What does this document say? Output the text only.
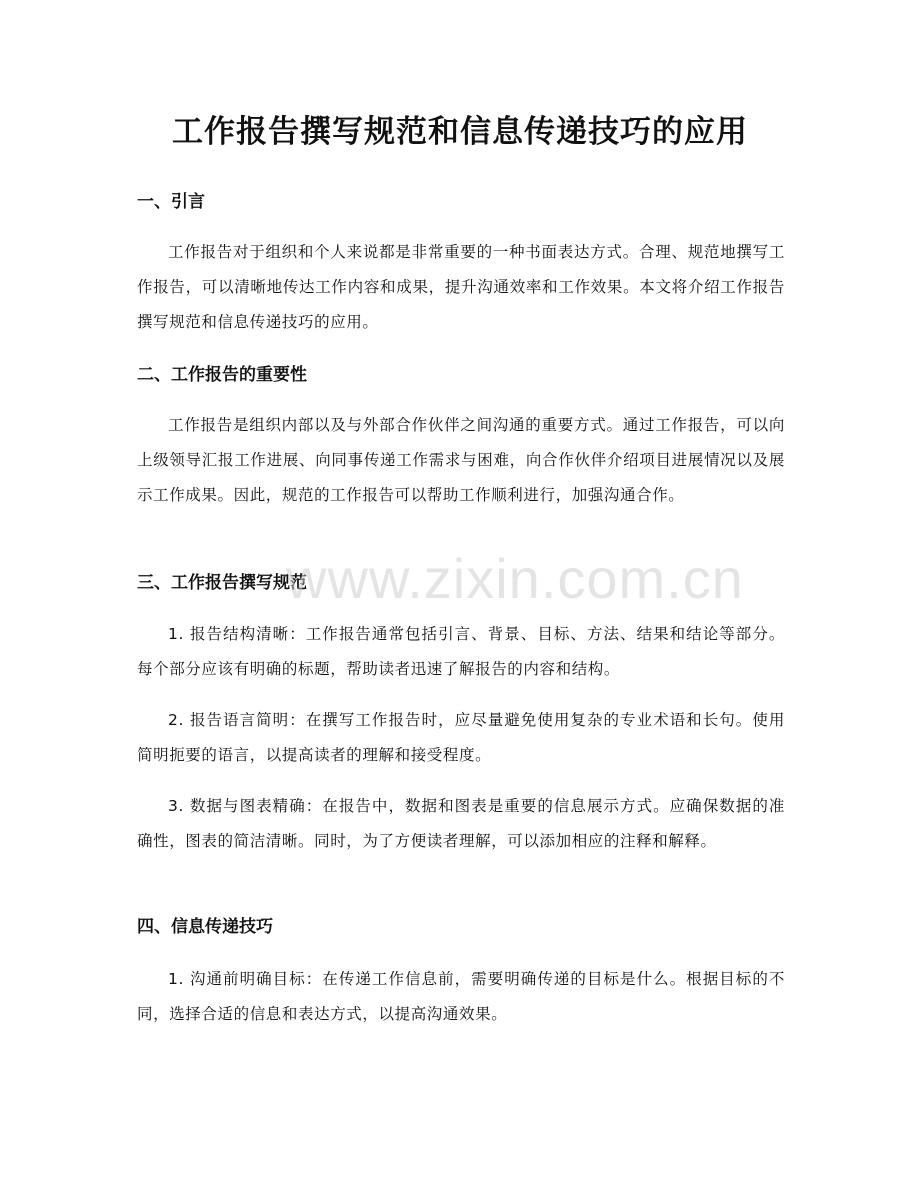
工作报告撰写规范和信息传递技巧的应用
一、引言

工作报告对于组织和个人来说都是非常重要的一种书面表达方式。合理、规范地撰写工作报告，可以清晰地传达工作内容和成果，提升沟通效率和工作效果。本文将介绍工作报告撰写规范和信息传递技巧的应用。

二、工作报告的重要性

工作报告是组织内部以及与外部合作伙伴之间沟通的重要方式。通过工作报告，可以向上级领导汇报工作进展、向同事传递工作需求与困难，向合作伙伴介绍项目进展情况以及展示工作成果。因此，规范的工作报告可以帮助工作顺利进行，加强沟通合作。

三、工作报告撰写规范

1. 报告结构清晰：工作报告通常包括引言、背景、目标、方法、结果和结论等部分。每个部分应该有明确的标题，帮助读者迅速了解报告的内容和结构。

2. 报告语言简明：在撰写工作报告时，应尽量避免使用复杂的专业术语和长句。使用简明扼要的语言，以提高读者的理解和接受程度。

3. 数据与图表精确：在报告中，数据和图表是重要的信息展示方式。应确保数据的准确性，图表的简洁清晰。同时，为了方便读者理解，可以添加相应的注释和解释。

四、信息传递技巧

1. 沟通前明确目标：在传递工作信息前，需要明确传递的目标是什么。根据目标的不同，选择合适的信息和表达方式，以提高沟通效果。

www.zixin.com.cn
